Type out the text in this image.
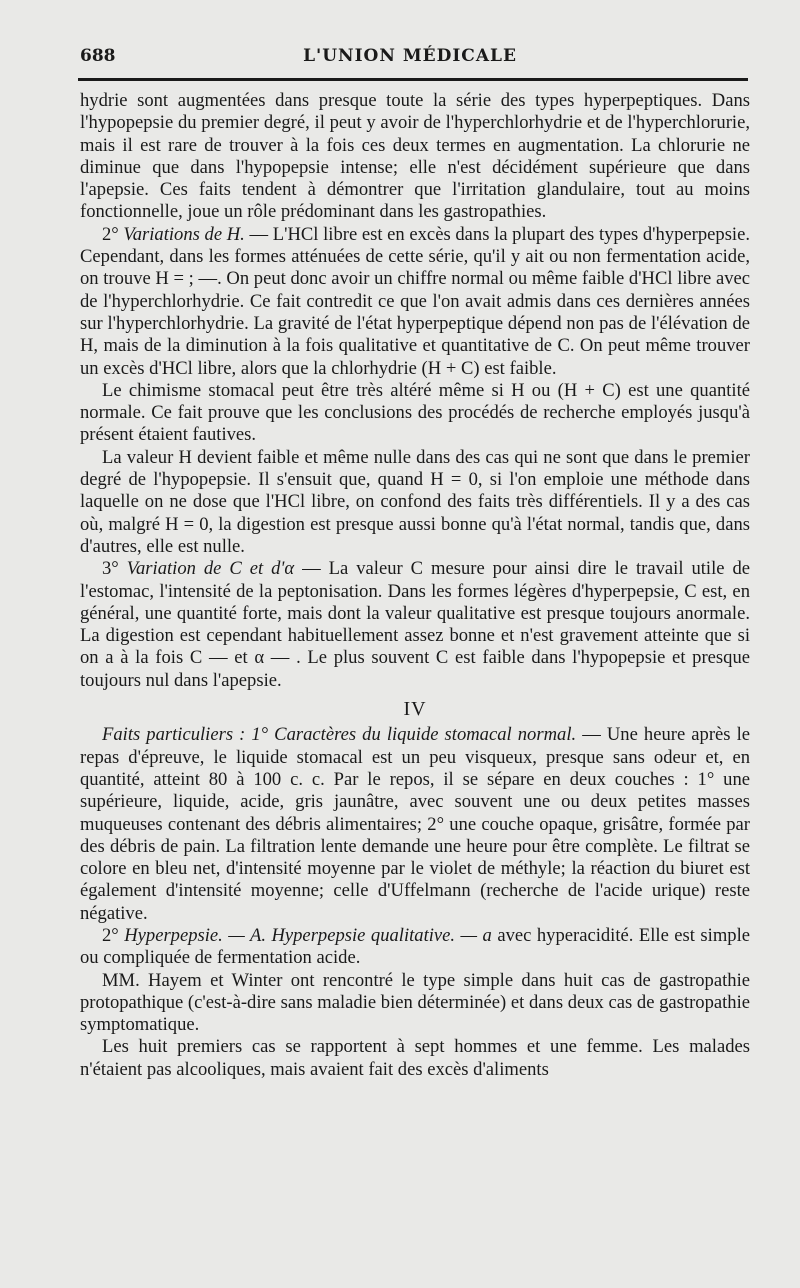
688	L'UNION MÉDICALE

hydrie sont augmentées dans presque toute la série des types hyperpeptiques. Dans l'hypopepsie du premier degré, il peut y avoir de l'hyperchlorhydrie et de l'hyperchlorurie, mais il est rare de trouver à la fois ces deux termes en augmentation. La chlorurie ne diminue que dans l'hypopepsie intense; elle n'est décidément supérieure que dans l'apepsie. Ces faits tendent à démontrer que l'irritation glandulaire, tout au moins fonctionnelle, joue un rôle prédominant dans les gastropathies.

2° Variations de H. — L'HCl libre est en excès dans la plupart des types d'hyperpepsie. Cependant, dans les formes atténuées de cette série, qu'il y ait ou non fermentation acide, on trouve H = ; —. On peut donc avoir un chiffre normal ou même faible d'HCl libre avec de l'hyperchlorhydrie. Ce fait contredit ce que l'on avait admis dans ces dernières années sur l'hyperchlorhydrie. La gravité de l'état hyperpeptique dépend non pas de l'élévation de H, mais de la diminution à la fois qualitative et quantitative de C. On peut même trouver un excès d'HCl libre, alors que la chlorhydrie (H + C) est faible.

Le chimisme stomacal peut être très altéré même si H ou (H + C) est une quantité normale. Ce fait prouve que les conclusions des procédés de recherche employés jusqu'à présent étaient fautives.

La valeur H devient faible et même nulle dans des cas qui ne sont que dans le premier degré de l'hypopepsie. Il s'ensuit que, quand H = 0, si l'on emploie une méthode dans laquelle on ne dose que l'HCl libre, on confond des faits très différentiels. Il y a des cas où, malgré H = 0, la digestion est presque aussi bonne qu'à l'état normal, tandis que, dans d'autres, elle est nulle.

3° Variation de C et d'α — La valeur C mesure pour ainsi dire le travail utile de l'estomac, l'intensité de la peptonisation. Dans les formes légères d'hyperpepsie, C est, en général, une quantité forte, mais dont la valeur qualitative est presque toujours anormale. La digestion est cependant habituellement assez bonne et n'est gravement atteinte que si on a à la fois C — et α — . Le plus souvent C est faible dans l'hypopepsie et presque toujours nul dans l'apepsie.

IV

Faits particuliers : 1° Caractères du liquide stomacal normal. — Une heure après le repas d'épreuve, le liquide stomacal est un peu visqueux, presque sans odeur et, en quantité, atteint 80 à 100 c. c. Par le repos, il se sépare en deux couches : 1° une supérieure, liquide, acide, gris jaunâtre, avec souvent une ou deux petites masses muqueuses contenant des débris alimentaires; 2° une couche opaque, grisâtre, formée par des débris de pain. La filtration lente demande une heure pour être complète. Le filtrat se colore en bleu net, d'intensité moyenne par le violet de méthyle; la réaction du biuret est également d'intensité moyenne; celle d'Uffelmann (recherche de l'acide urique) reste négative.

2° Hyperpepsie. — A. Hyperpepsie qualitative. — a avec hyperacidité. Elle est simple ou compliquée de fermentation acide.

MM. Hayem et Winter ont rencontré le type simple dans huit cas de gastropathie protopathique (c'est-à-dire sans maladie bien déterminée) et dans deux cas de gastropathie symptomatique.

Les huit premiers cas se rapportent à sept hommes et une femme. Les malades n'étaient pas alcooliques, mais avaient fait des excès d'aliments
